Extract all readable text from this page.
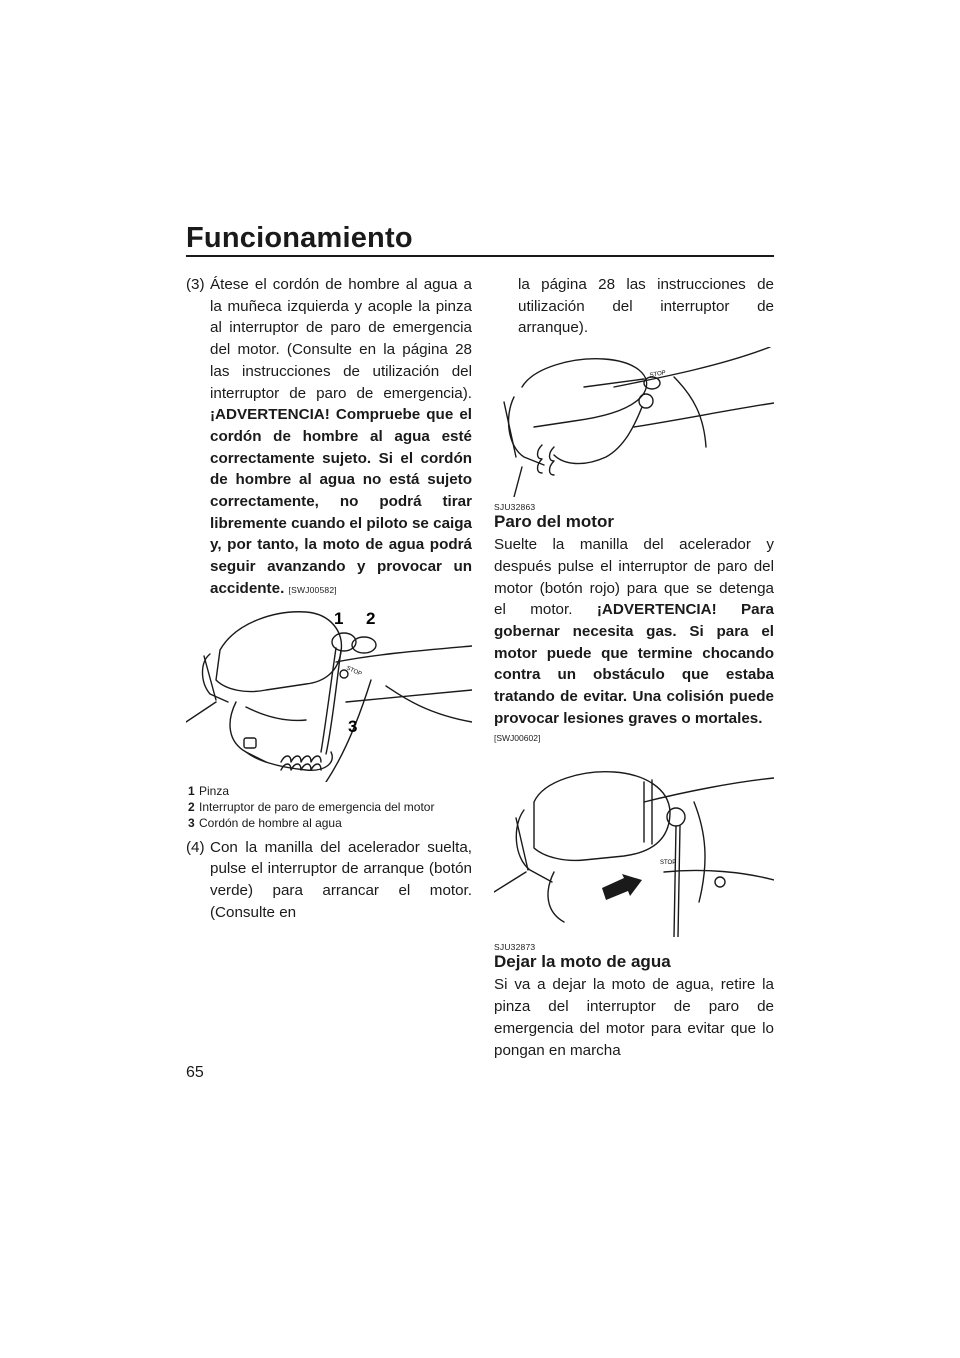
Funcionamiento
(3) Átese el cordón de hombre al agua a la muñeca izquierda y acople la pinza al interruptor de paro de emergencia del motor. (Consulte en la página 28 las instrucciones de utilización del interruptor de paro de emergencia). ¡ADVERTENCIA! Compruebe que el cordón de hombre al agua esté correctamente sujeto. Si el cordón de hombre al agua no está sujeto correctamente, no podrá tirar libremente cuando el piloto se caiga y, por tanto, la moto de agua podrá seguir avanzando y provocar un accidente. [SWJ00582]

STOP
1 2
3
1 Pinza
2 Interruptor de paro de emergencia del motor
3 Cordón de hombre al agua
(4) Con la manilla del acelerador suelta, pulse el interruptor de arranque (botón verde) para arrancar el motor. (Consulte en

la página 28 las instrucciones de utilización del interruptor de arranque).

STOP
SJU32863
Paro del motor

Suelte la manilla del acelerador y después pulse el interruptor de paro del motor (botón rojo) para que se detenga el motor. ¡ADVERTENCIA! Para gobernar necesita gas. Si para el motor puede que termine chocando contra un obstáculo que estaba tratando de evitar. Una colisión puede provocar lesiones graves o mortales.
[SWJ00602]

STOP
SJU32873
Dejar la moto de agua

Si va a dejar la moto de agua, retire la pinza del interruptor de paro de emergencia del motor para evitar que lo pongan en marcha

65
